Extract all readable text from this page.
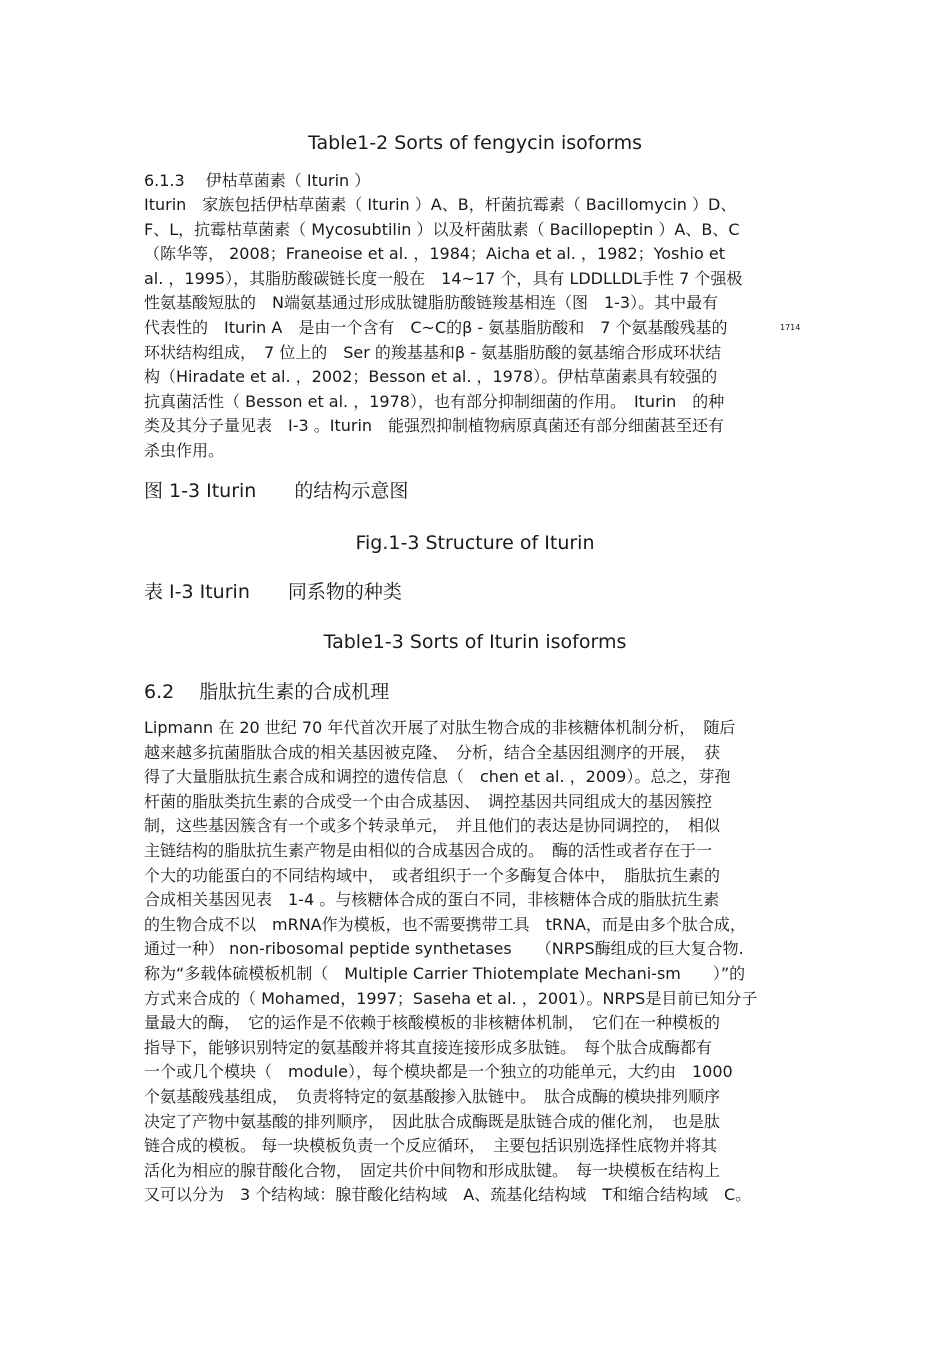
Table1-2 Sorts of fengycin isoforms
6.1.3　 伊枯草菌素（ Iturin ）
Iturin　家族包括伊枯草菌素（ Iturin ）A、B，杆菌抗霉素（ Bacillomycin ）D、
F、L，抗霉枯草菌素（ Mycosubtilin ）以及杆菌肽素（ Bacillopeptin ）A、B、C
（陈华等， 2008；Franeoise et al. ，1984；Aicha et al. ，1982；Yoshio et
al. ，1995），其脂肪酸碳链长度一般在　14~17 个，具有 LDDLLDL手性 7 个强极
性氨基酸短肽的　N端氨基通过形成肽键脂肪酸链羧基相连（图　1-3）。其中最有
代表性的　Iturin A　是由一个含有　C~C的β - 氨基脂肪酸和　7 个氨基酸残基的	1714
环状结构组成，　7 位上的　Ser 的羧基基和β - 氨基脂肪酸的氨基缩合形成环状结
构（Hiradate et al. ，2002；Besson et al. ，1978）。伊枯草菌素具有较强的
抗真菌活性（ Besson et al. ，1978），也有部分抑制细菌的作用。　Iturin　的种
类及其分子量见表　I-3 。Iturin　能强烈抑制植物病原真菌还有部分细菌甚至还有
杀虫作用。
图 1-3 Iturin　　的结构示意图
Fig.1-3 Structure of Iturin
表 I-3 Iturin　　同系物的种类
Table1-3 Sorts of Iturin isoforms
6.2　 脂肽抗生素的合成机理
Lipmann 在 20 世纪 70 年代首次开展了对肽生物合成的非核糖体机制分析，　随后
越来越多抗菌脂肽合成的相关基因被克隆、　分析，结合全基因组测序的开展，　获
得了大量脂肽抗生素合成和调控的遗传信息（　chen et al. ，2009）。总之，芽孢
杆菌的脂肽类抗生素的合成受一个由合成基因、　调控基因共同组成大的基因簇控
制，这些基因簇含有一个或多个转录单元，　并且他们的表达是协同调控的，　相似
主链结构的脂肽抗生素产物是由相似的合成基因合成的。　酶的活性或者存在于一
个大的功能蛋白的不同结构域中，　或者组织于一个多酶复合体中，　脂肽抗生素的
合成相关基因见表　1-4 。与核糖体合成的蛋白不同，非核糖体合成的脂肽抗生素
的生物合成不以　mRNA作为模板，也不需要携带工具　tRNA，而是由多个肽合成，
通过一种） non-ribosomal peptide synthetases　　（NRPS酶组成的巨大复合物.
称为“多载体硫模板机制（　Multiple Carrier Thiotemplate Mechani-sm　　）”的
方式来合成的（ Mohamed，1997；Saseha et al. ，2001）。NRPS是目前已知分子
量最大的酶，　它的运作是不依赖于核酸模板的非核糖体机制，　它们在一种模板的
指导下，能够识别特定的氨基酸并将其直接连接形成多肽链。　每个肽合成酶都有
一个或几个模块（　module），每个模块都是一个独立的功能单元，大约由　1000
个氨基酸残基组成，　负责将特定的氨基酸掺入肽链中。　肽合成酶的模块排列顺序
决定了产物中氨基酸的排列顺序，　因此肽合成酶既是肽链合成的催化剂，　也是肽
链合成的模板。 每一块模板负责一个反应循环，　主要包括识别选择性底物并将其
活化为相应的腺苷酸化合物，　固定共价中间物和形成肽键。　每一块模板在结构上
又可以分为　3 个结构域：腺苷酸化结构域　A、巯基化结构域　T和缩合结构域　C。
